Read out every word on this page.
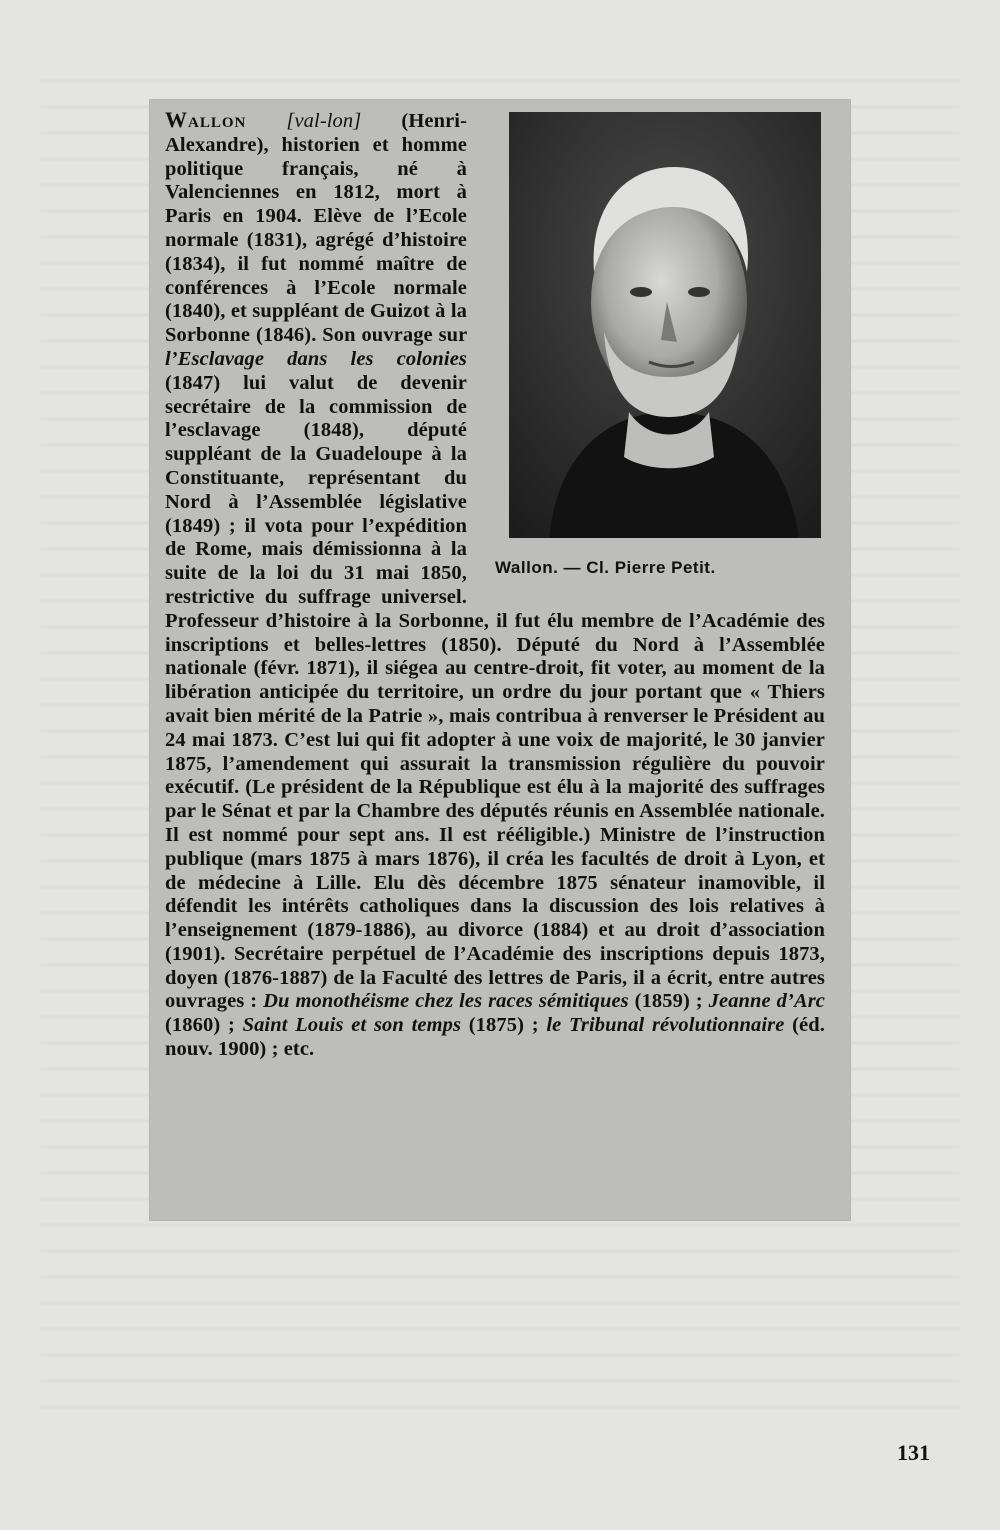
Wallon. — Cl. Pierre Petit.

Wallon [val-lon] (Henri-Alexandre), historien et homme politique français, né à Valenciennes en 1812, mort à Paris en 1904. Elève de l’Ecole normale (1831), agrégé d’histoire (1834), il fut nommé maître de conférences à l’Ecole normale (1840), et suppléant de Guizot à la Sorbonne (1846). Son ouvrage sur l’Esclavage dans les colonies (1847) lui valut de devenir secrétaire de la commission de l’esclavage (1848), député suppléant de la Guadeloupe à la Constituante, représentant du Nord à l’Assemblée législative (1849) ; il vota pour l’expédition de Rome, mais démissionna à la suite de la loi du 31 mai 1850, restrictive du suffrage universel. Professeur d’histoire à la Sorbonne, il fut élu membre de l’Académie des inscriptions et belles-lettres (1850). Député du Nord à l’Assemblée nationale (févr. 1871), il siégea au centre-droit, fit voter, au moment de la libération anticipée du territoire, un ordre du jour portant que « Thiers avait bien mérité de la Patrie », mais contribua à renverser le Président au 24 mai 1873. C’est lui qui fit adopter à une voix de majorité, le 30 janvier 1875, l’amendement qui assurait la transmission régulière du pouvoir exécutif. (Le président de la République est élu à la majorité des suffrages par le Sénat et par la Chambre des députés réunis en Assemblée nationale. Il est nommé pour sept ans. Il est rééligible.) Ministre de l’instruction publique (mars 1875 à mars 1876), il créa les facultés de droit à Lyon, et de médecine à Lille. Elu dès décembre 1875 sénateur inamovible, il défendit les intérêts catholiques dans la discussion des lois relatives à l’enseignement (1879-1886), au divorce (1884) et au droit d’association (1901). Secrétaire perpétuel de l’Académie des inscriptions depuis 1873, doyen (1876-1887) de la Faculté des lettres de Paris, il a écrit, entre autres ouvrages : Du monothéisme chez les races sémitiques (1859) ; Jeanne d’Arc (1860) ; Saint Louis et son temps (1875) ; le Tribunal révolutionnaire (éd. nouv. 1900) ; etc.

131
